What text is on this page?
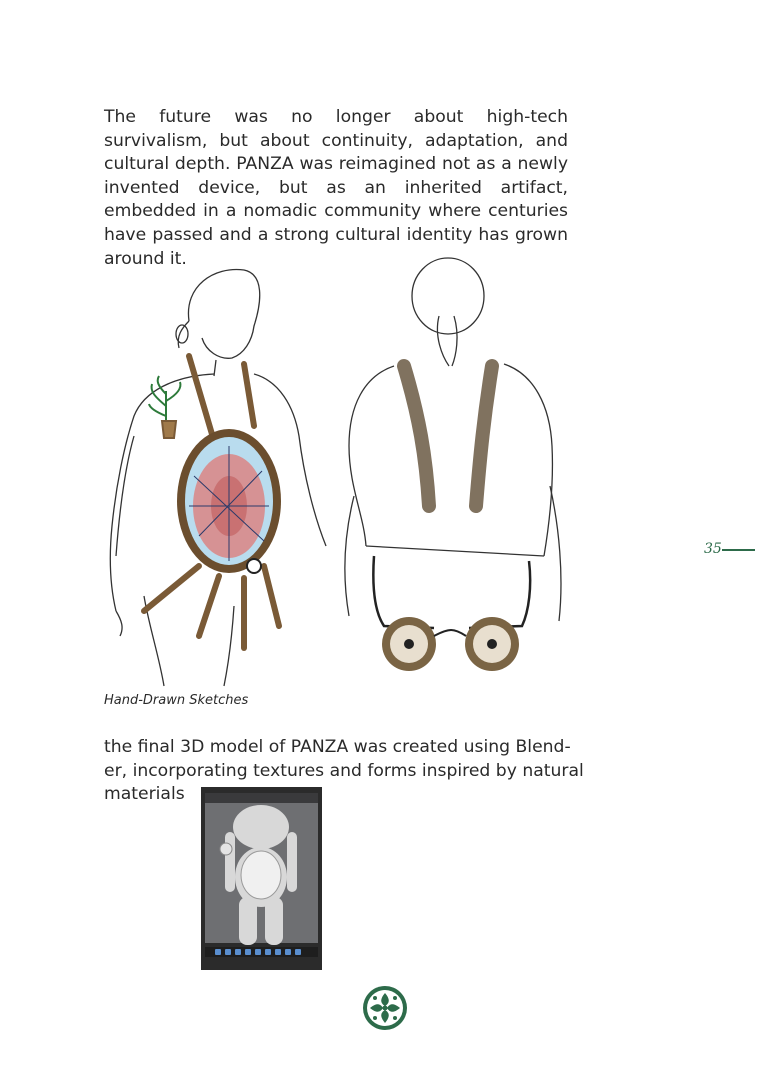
The future was no longer about high-tech survivalism, but about continuity, adaptation, and cultural depth. PANZA was reimagined not as a newly invented device, but as an inherited artifact, embedded in a nomadic community where centuries have passed and a strong cultural identity has grown around it.

Hand-Drawn Sketches

the final 3D model of PANZA was created using Blend-
er, incorporating textures and forms inspired by natural
materials

35
